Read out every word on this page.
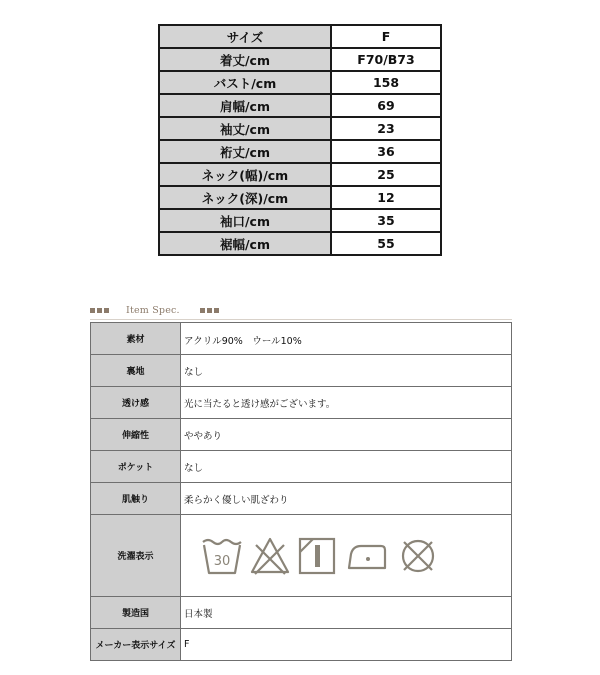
サイズ	F
着丈/cm	F70/B73
バスト/cm	158
肩幅/cm	69
袖丈/cm	23
裄丈/cm	36
ネック(幅)/cm	25
ネック(深)/cm	12
袖口/cm	35
裾幅/cm	55
Item Spec.
素材	アクリル90%　ウール10%
裏地	なし
透け感	光に当たると透け感がございます。
伸縮性	ややあり
ポケット	なし
肌触り	柔らかく優しい肌ざわり
洗濯表示	30

製造国	日本製
メーカー表示サイズ	F
